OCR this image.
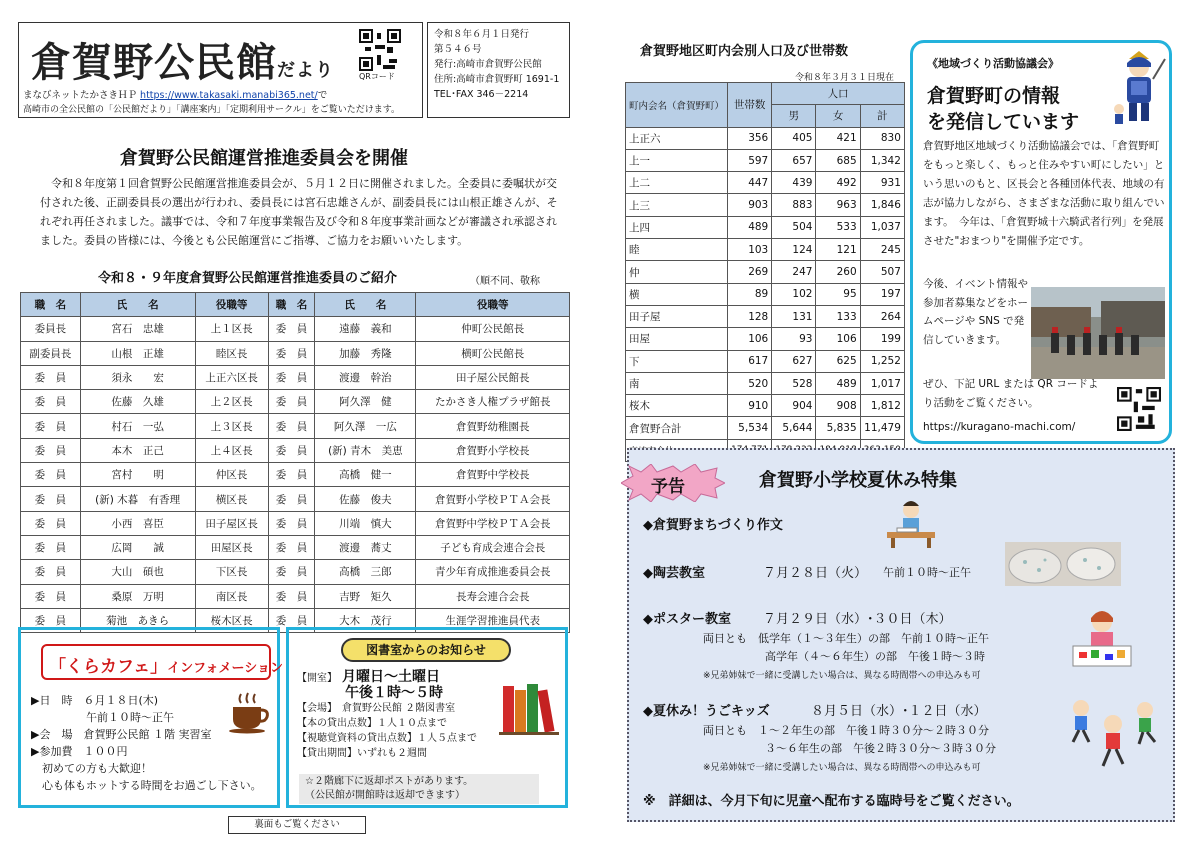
倉賀野公民館だより	QRコード
まなびネットたかさきＨＰ https://www.takasaki.manabi365.net/で
高崎市の全公民館の「公民館だより」「講座案内」「定期利用サークル」をご覧いただけます。
令和８年６月１日発行
第５４６号
発行:高崎市倉賀野公民館
住所:高崎市倉賀野町 1691-1
TEL･FAX 346－2214
倉賀野公民館運営推進委員会を開催
令和８年度第１回倉賀野公民館運営推進委員会が、５月１２日に開催されました。全委員に委嘱状が交付された後、正副委員長の選出が行われ、委員長には宮石忠雄さんが、副委員長には山根正雄さんが、それぞれ再任されました。議事では、令和７年度事業報告及び令和８年度事業計画などが審議され承認されました。委員の皆様には、今後とも公民館運営にご指導、ご協力をお願いいたします。
令和８・９年度倉賀野公民館運営推進委員のご紹介	（順不同、敬称
職　名	氏　　名	役職等	職　名	氏　　名	役職等
委員長	宮石　忠雄	上１区長	委　員	遠藤　義和	仲町公民館長
副委員長	山根　正雄	睦区長	委　員	加藤　秀隆	横町公民館長
委　員	須永　　宏	上正六区長	委　員	渡邊　幹治	田子屋公民館長
委　員	佐藤　久雄	上２区長	委　員	阿久澤　健	たかさき人権プラザ館長
委　員	村石　一弘	上３区長	委　員	阿久澤　一広	倉賀野幼稚園長
委　員	本木　正己	上４区長	委　員	(新) 青木　美恵	倉賀野小学校長
委　員	宮村　　明	仲区長	委　員	高橋　健一	倉賀野中学校長
委　員	(新) 木暮　有香理	横区長	委　員	佐藤　俊夫	倉賀野小学校ＰＴＡ会長
委　員	小西　喜臣	田子屋区長	委　員	川端　慎大	倉賀野中学校ＰＴＡ会長
委　員	広岡　　誠	田屋区長	委　員	渡邊　蕎丈	子ども育成会連合会長
委　員	大山　碩也	下区長	委　員	高橋　三郎	青少年育成推進委員会長
委　員	桑原　万明	南区長	委　員	吉野　矩久	長寿会連合会長
委　員	菊池　あきら	桜木区長	委　員	大木　茂行	生涯学習推進員代表
「くらカフェ」インフォメーション
▶日　時　６月１８日(木)
　　　　　午前１０時～正午
▶会　場　倉賀野公民館 １階 実習室
▶参加費　１００円
　初めての方も大歓迎！
　心も体もホットする時間をお過ごし下さい。
図書室からのお知らせ
【開室】　 月曜日～土曜日
午後１時～５時
【会場】　倉賀野公民館 ２階図書室
【本の貸出点数】１人１０点まで
【視聴覚資料の貸出点数】１人５点まで
【貸出期間】いずれも２週間
☆２階廊下に返却ポストがあります。
（公民館が開館時は返却できます）
裏面もご覧ください
倉賀野地区町内会別人口及び世帯数
令和８年３月３１日現在
町内会名（倉賀野町）	世帯数	人口		
		男	女	計
上正六	356	405	421	830
上一	597	657	685	1,342
上二	447	439	492	931
上三	903	883	963	1,846
上四	489	504	533	1,037
睦	103	124	121	245
仲	269	247	260	507
横	89	102	95	197
田子屋	128	131	133	264
田屋	106	93	106	199
下	617	627	625	1,252
南	520	528	489	1,017
桜木	910	904	908	1,812
倉賀野合計	5,534	5,644	5,835	11,479

《地域づくり活動協議会》
倉賀野町の情報
を発信しています
倉賀野地区地域づくり活動協議会では、「倉賀野町をもっと楽しく、もっと住みやすい町にしたい」という思いのもと、区長会と各種団体代表、地域の有志が協力しながら、さまざまな活動に取り組んでいます。　今年は、「倉賀野城十六騎武者行列」を発展させた"おまつり"を開催予定です。
今後、イベント情報や参加者募集などをホームページや SNS で発信していきます。
ぜひ、下記 URL または QR コードより活動をご覧ください。
https://kuragano-machi.com/
予告	倉賀野小学校夏休み特集
◆倉賀野まちづくり作文
◆陶芸教室	７月２８日（火） 午前１０時～正午
◆ポスター教室 ７月２９日（水）･３０日（木）
両日とも　低学年（１～３年生）の部　午前１０時～正午
高学年（４～６年生）の部　午後１時～３時
※兄弟姉妹で一緒に受講したい場合は、異なる時間帯への申込みも可
◆夏休み！うごキッズ	８月５日（水）･１２日（水）
両日とも　１～２年生の部　午後１時３０分～２時３０分
３～６年生の部　午後２時３０分～３時３０分
※兄弟姉妹で一緒に受講したい場合は、異なる時間帯への申込みも可
※　詳細は、今月下旬に児童へ配布する臨時号をご覧ください。
